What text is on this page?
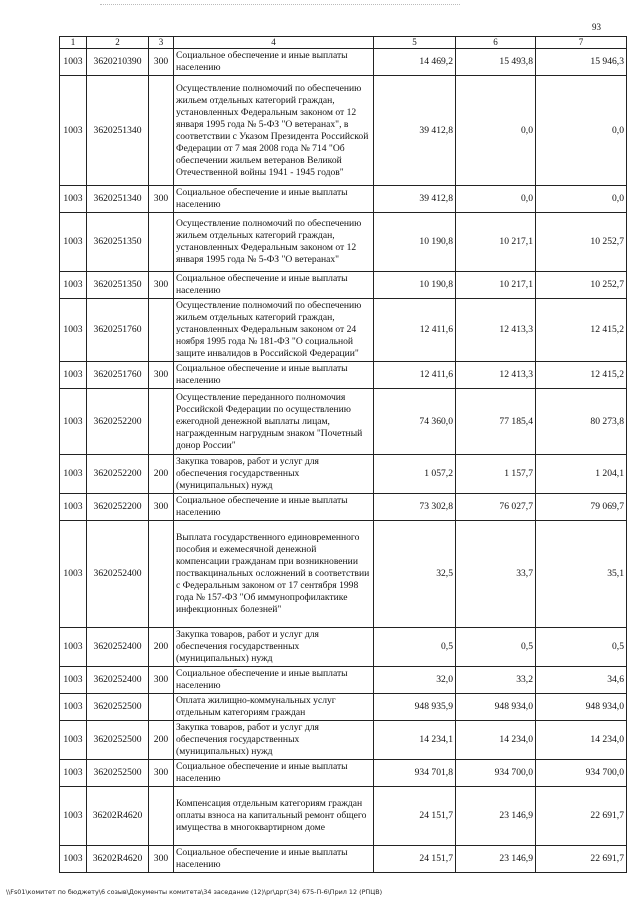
93
1	2	3	4	5	6	7
1003	3620210390	300	Социальное обеспечение и иные выплаты населению	14 469,2	15 493,8	15 946,3
1003	3620251340		Осуществление полномочий по обеспечению жильем отдельных категорий граждан, установленных Федеральным законом от 12 января 1995 года № 5-ФЗ "О ветеранах", в соответствии с Указом Президента Российской Федерации от 7 мая 2008 года № 714 "Об обеспечении жильем ветеранов Великой Отечественной войны 1941 - 1945 годов"	39 412,8	0,0	0,0
1003	3620251340	300	Социальное обеспечение и иные выплаты населению	39 412,8	0,0	0,0
1003	3620251350		Осуществление полномочий по обеспечению жильем отдельных категорий граждан, установленных Федеральным законом от 12 января 1995 года № 5-ФЗ "О ветеранах"	10 190,8	10 217,1	10 252,7
1003	3620251350	300	Социальное обеспечение и иные выплаты населению	10 190,8	10 217,1	10 252,7
1003	3620251760		Осуществление полномочий по обеспечению жильем отдельных категорий граждан, установленных Федеральным законом от 24 ноября 1995 года № 181-ФЗ "О социальной защите инвалидов в Российской Федерации"	12 411,6	12 413,3	12 415,2
1003	3620251760	300	Социальное обеспечение и иные выплаты населению	12 411,6	12 413,3	12 415,2
1003	3620252200		Осуществление переданного полномочия Российской Федерации по осуществлению ежегодной денежной выплаты лицам, награжденным нагрудным знаком "Почетный донор России"	74 360,0	77 185,4	80 273,8
1003	3620252200	200	Закупка товаров, работ и услуг для обеспечения государственных (муниципальных) нужд	1 057,2	1 157,7	1 204,1
1003	3620252200	300	Социальное обеспечение и иные выплаты населению	73 302,8	76 027,7	79 069,7
1003	3620252400		Выплата государственного единовременного пособия и ежемесячной денежной компенсации гражданам при возникновении поствакцинальных осложнений в соответствии с Федеральным законом от 17 сентября 1998 года № 157-ФЗ "Об иммунопрофилактике инфекционных болезней"	32,5	33,7	35,1
1003	3620252400	200	Закупка товаров, работ и услуг для обеспечения государственных (муниципальных) нужд	0,5	0,5	0,5
1003	3620252400	300	Социальное обеспечение и иные выплаты населению	32,0	33,2	34,6
1003	3620252500		Оплата жилищно-коммунальных услуг отдельным категориям граждан	948 935,9	948 934,0	948 934,0
1003	3620252500	200	Закупка товаров, работ и услуг для обеспечения государственных (муниципальных) нужд	14 234,1	14 234,0	14 234,0
1003	3620252500	300	Социальное обеспечение и иные выплаты населению	934 701,8	934 700,0	934 700,0
1003	36202R4620		Компенсация отдельным категориям граждан оплаты взноса на капитальный ремонт общего имущества в многоквартирном доме	24 151,7	23 146,9	22 691,7
1003	36202R4620	300	Социальное обеспечение и иные выплаты населению	24 151,7	23 146,9	22 691,7
\\Fs01\комитет по бюджету\6 созыв\Документы комитета\34 заседание (12)\pr\дрг(34) 675-П-6\Прил 12 (РПЦВ)
